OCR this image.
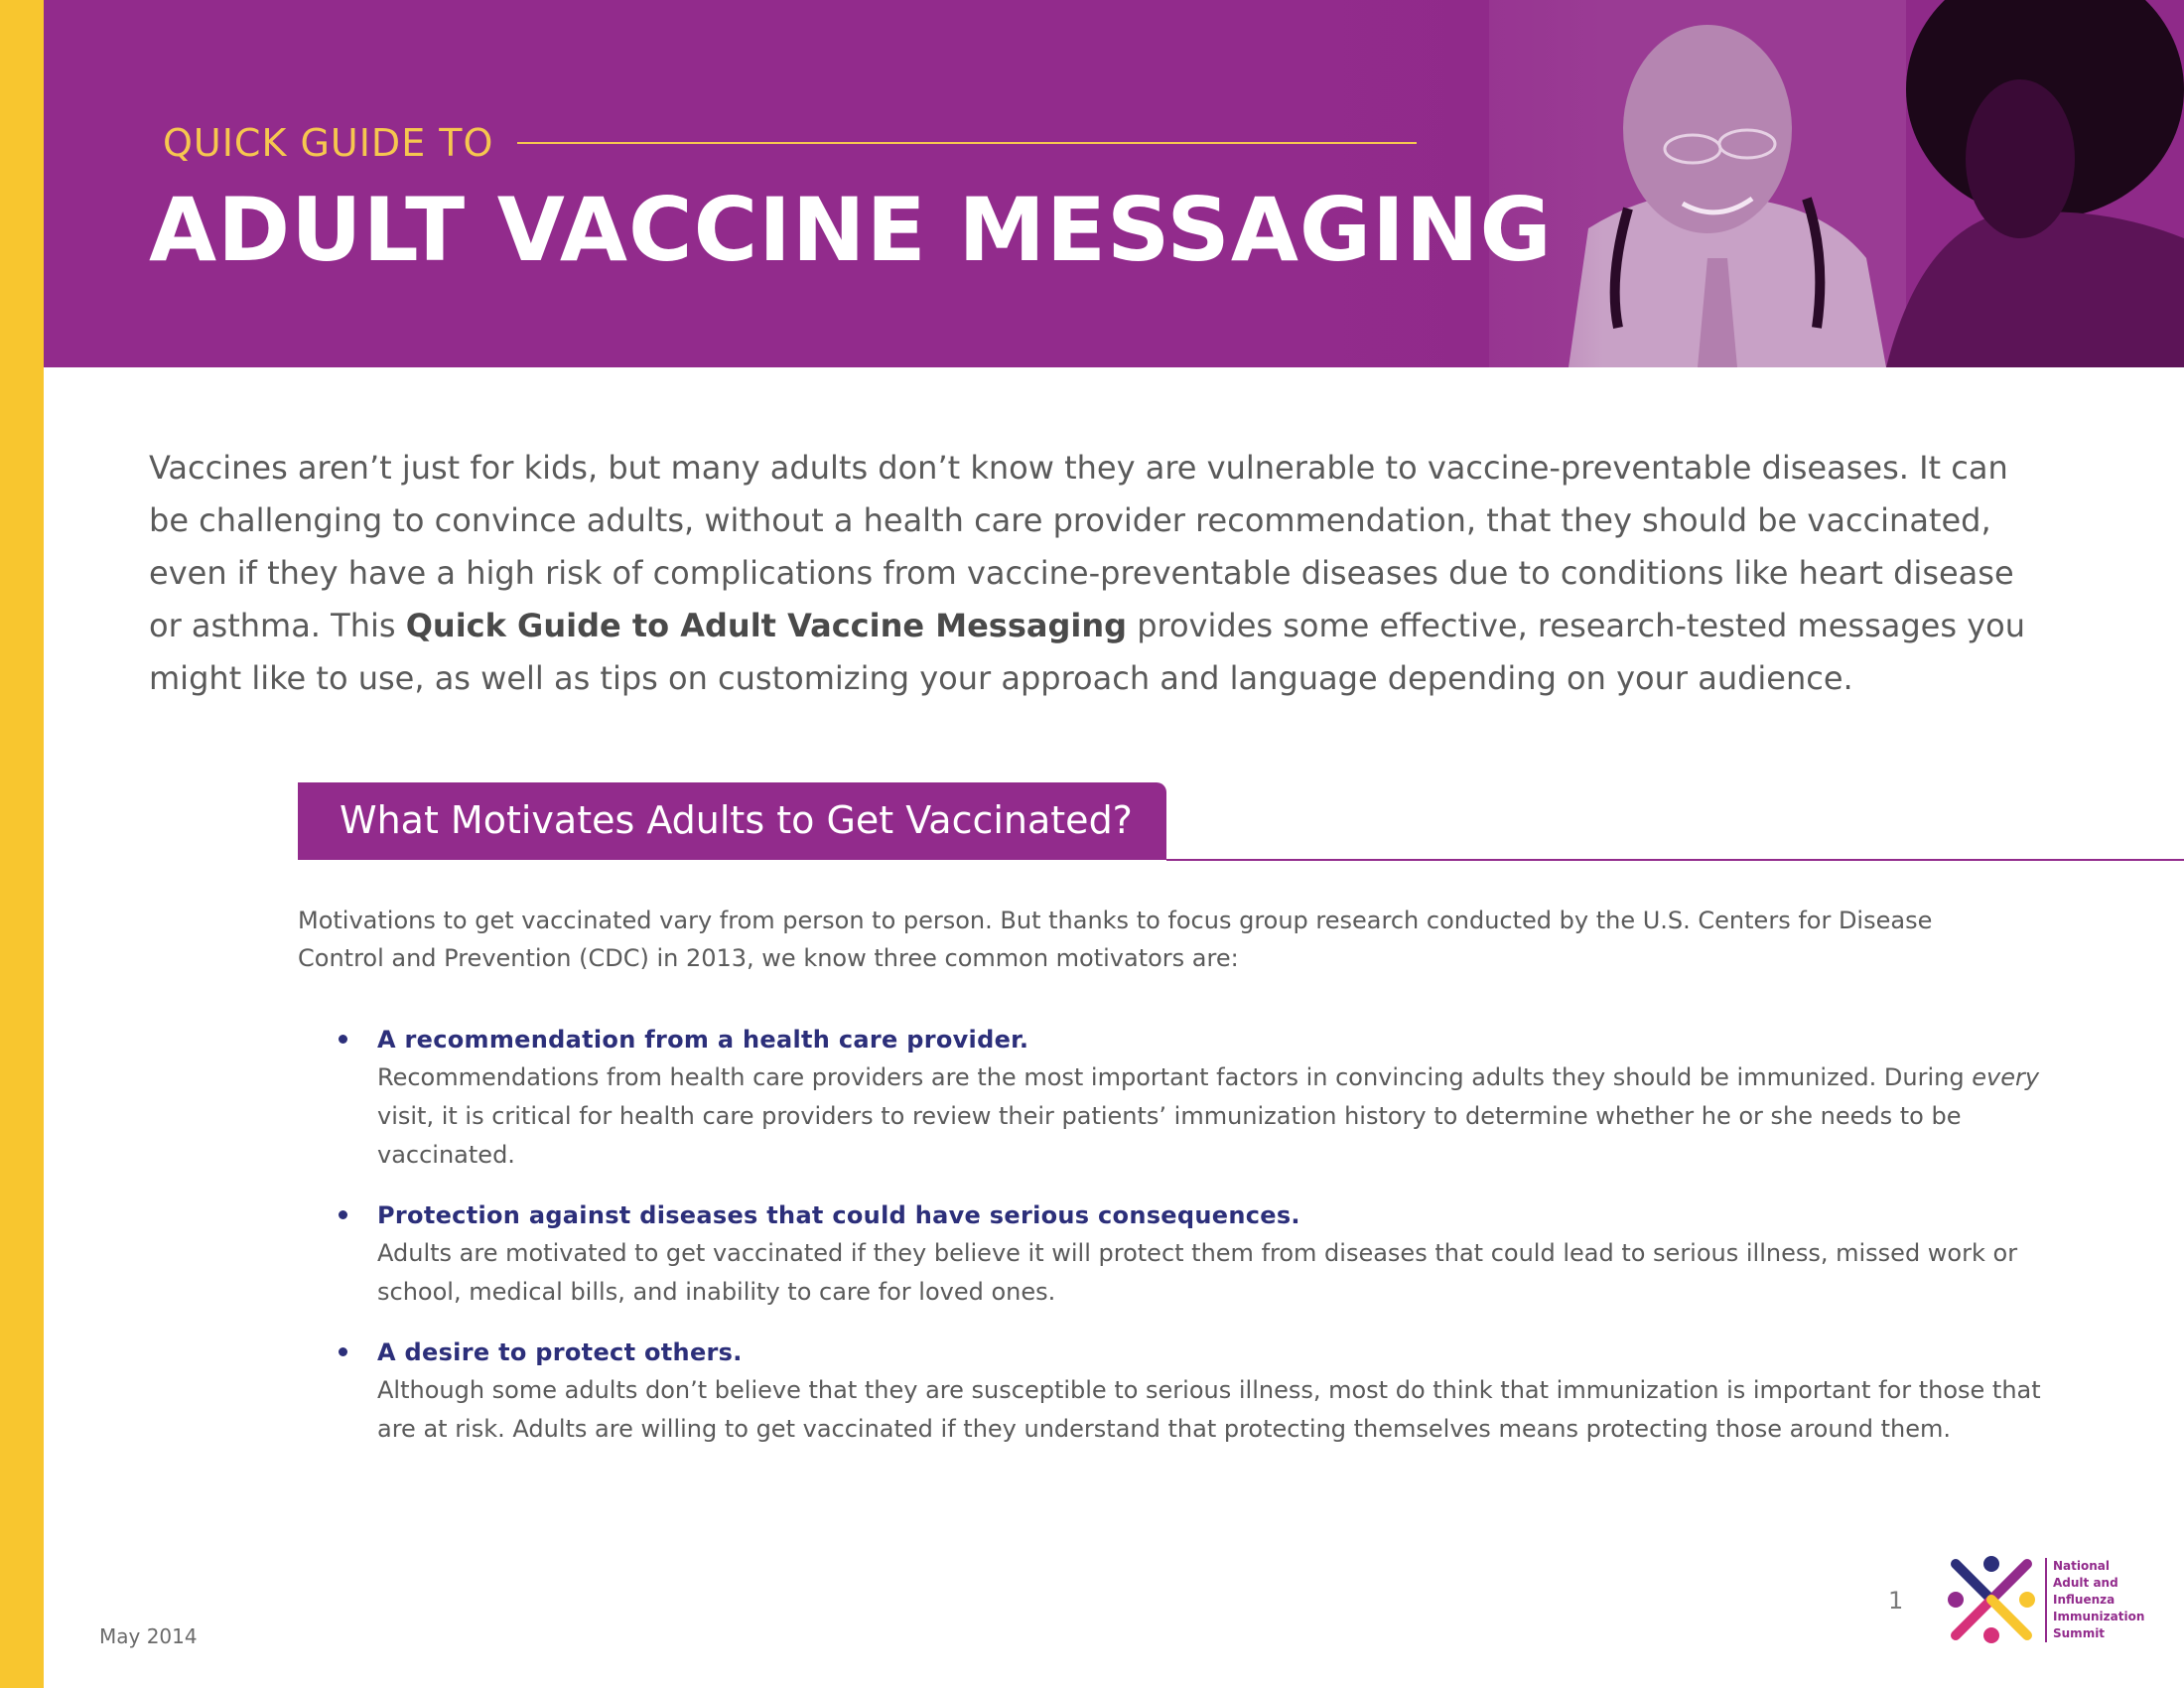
QUICK GUIDE TO
ADULT VACCINE MESSAGING

Vaccines aren’t just for kids, but many adults don’t know they are vulnerable to vaccine-preventable diseases. It can be challenging to convince adults, without a health care provider recommendation, that they should be vaccinated, even if they have a high risk of complications from vaccine-preventable diseases due to conditions like heart disease or asthma. This Quick Guide to Adult Vaccine Messaging provides some effective, research-tested messages you might like to use, as well as tips on customizing your approach and language depending on your audience.

What Motivates Adults to Get Vaccinated?

Motivations to get vaccinated vary from person to person. But thanks to focus group research conducted by the U.S. Centers for Disease Control and Prevention (CDC) in 2013, we know three common motivators are:

A recommendation from a health care provider.
Recommendations from health care providers are the most important factors in convincing adults they should be immunized. During every visit, it is critical for health care providers to review their patients’ immunization history to determine whether he or she needs to be vaccinated.
Protection against diseases that could have serious consequences.
Adults are motivated to get vaccinated if they believe it will protect them from diseases that could lead to serious illness, missed work or school, medical bills, and inability to care for loved ones.
A desire to protect others.
Although some adults don’t believe that they are susceptible to serious illness, most do think that immunization is important for those that are at risk. Adults are willing to get vaccinated if they understand that protecting themselves means protecting those around them.
1
May 2014
National
Adult and
Influenza
Immunization
Summit
